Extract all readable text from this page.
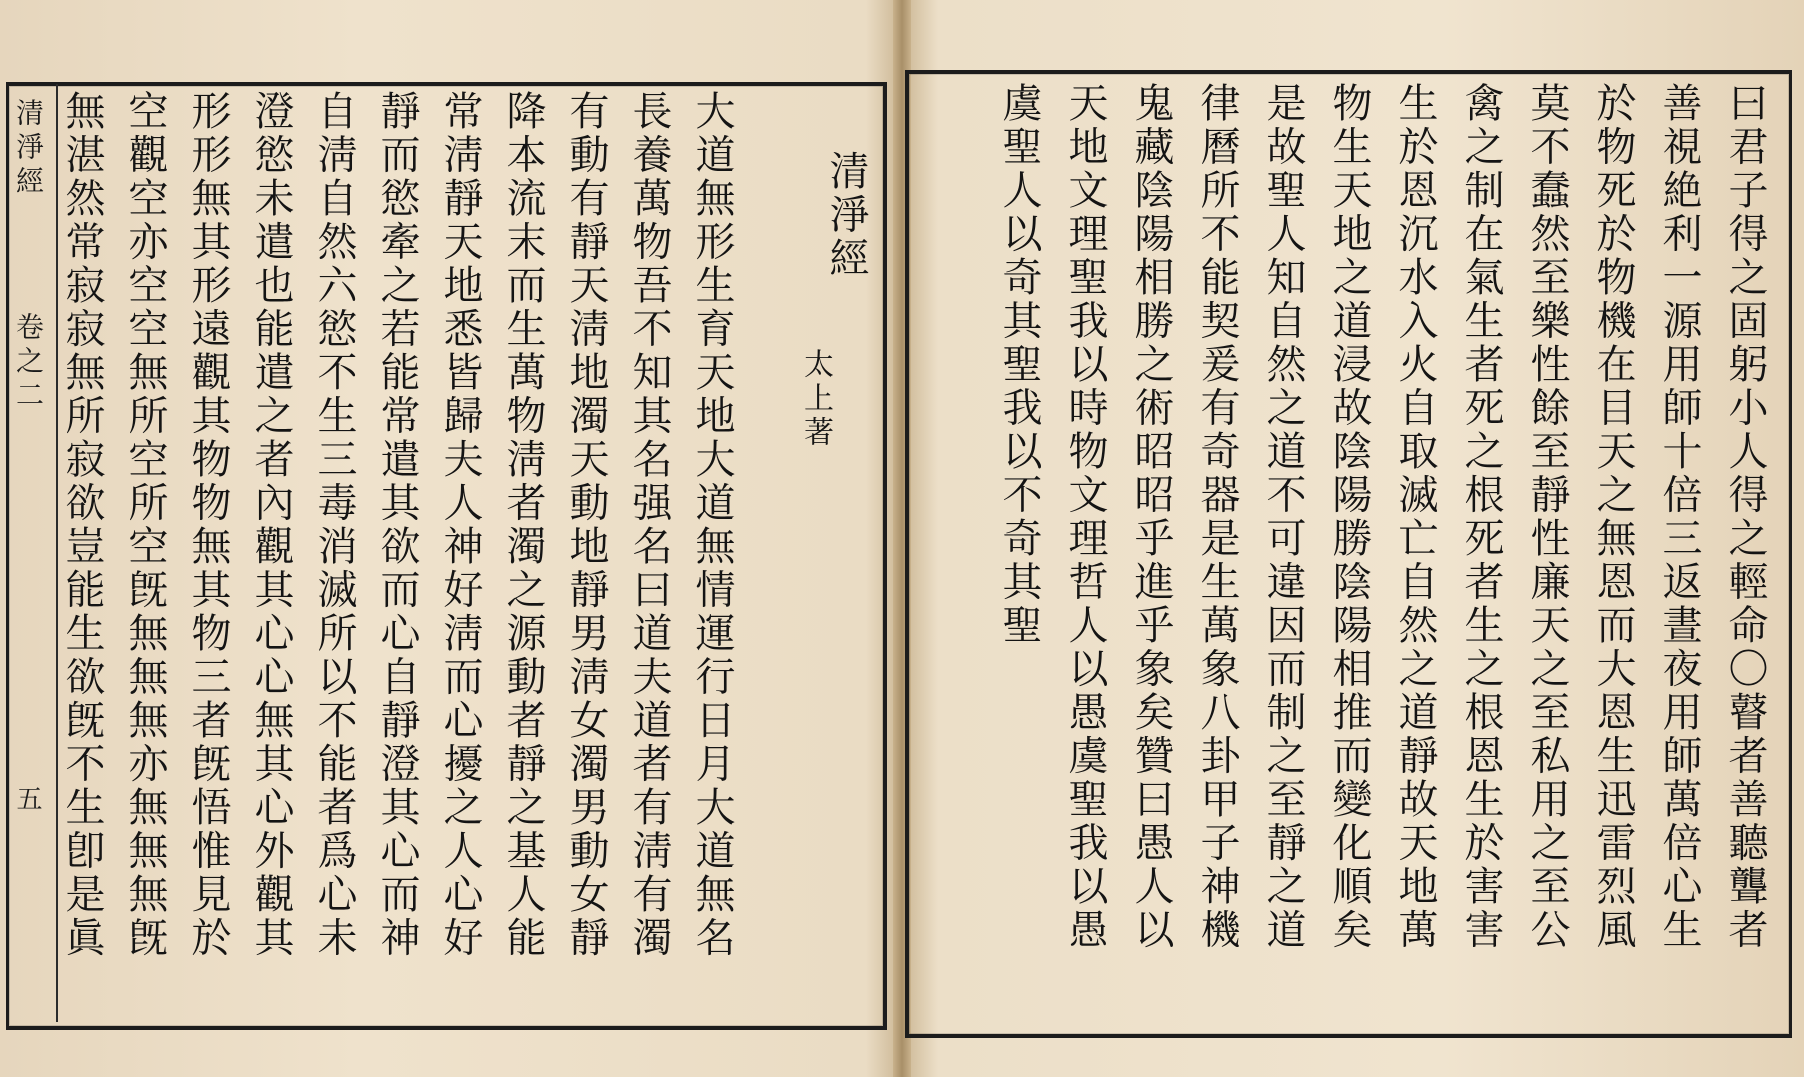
清淨經
卷之二
五 無湛然常寂寂無所寂欲豈能生欲旣不生卽是眞 空觀空亦空空無所空所空旣無無無亦無無無旣 形形無其形遠觀其物物無其物三者旣悟惟見於 澄慾未遣也能遣之者內觀其心心無其心外觀其 自淸自然六慾不生三毒消滅所以不能者爲心未 靜而慾牽之若能常遣其欲而心自靜澄其心而神 常淸靜天地悉皆歸夫人神好淸而心擾之人心好 降本流末而生萬物淸者濁之源動者靜之基人能 有動有靜天淸地濁天動地靜男淸女濁男動女靜 長養萬物吾不知其名强名曰道夫道者有淸有濁 大道無形生育天地大道無情運行日月大道無名 清淨經
太上著	曰君子得之固躬小人得之輕命〇瞽者善聽聾者
善視絶利一源用師十倍三返晝夜用師萬倍心生
於物死於物機在目天之無恩而大恩生迅雷烈風
莫不蠢然至樂性餘至靜性廉天之至私用之至公
禽之制在氣生者死之根死者生之根恩生於害害
生於恩沉水入火自取滅亡自然之道靜故天地萬
物生天地之道浸故陰陽勝陰陽相推而變化順矣
是故聖人知自然之道不可違因而制之至靜之道
律曆所不能契爰有奇器是生萬象八卦甲子神機
鬼藏陰陽相勝之術昭昭乎進乎象矣贊曰愚人以
天地文理聖我以時物文理哲人以愚虞聖我以愚
虞聖人以奇其聖我以不奇其聖
